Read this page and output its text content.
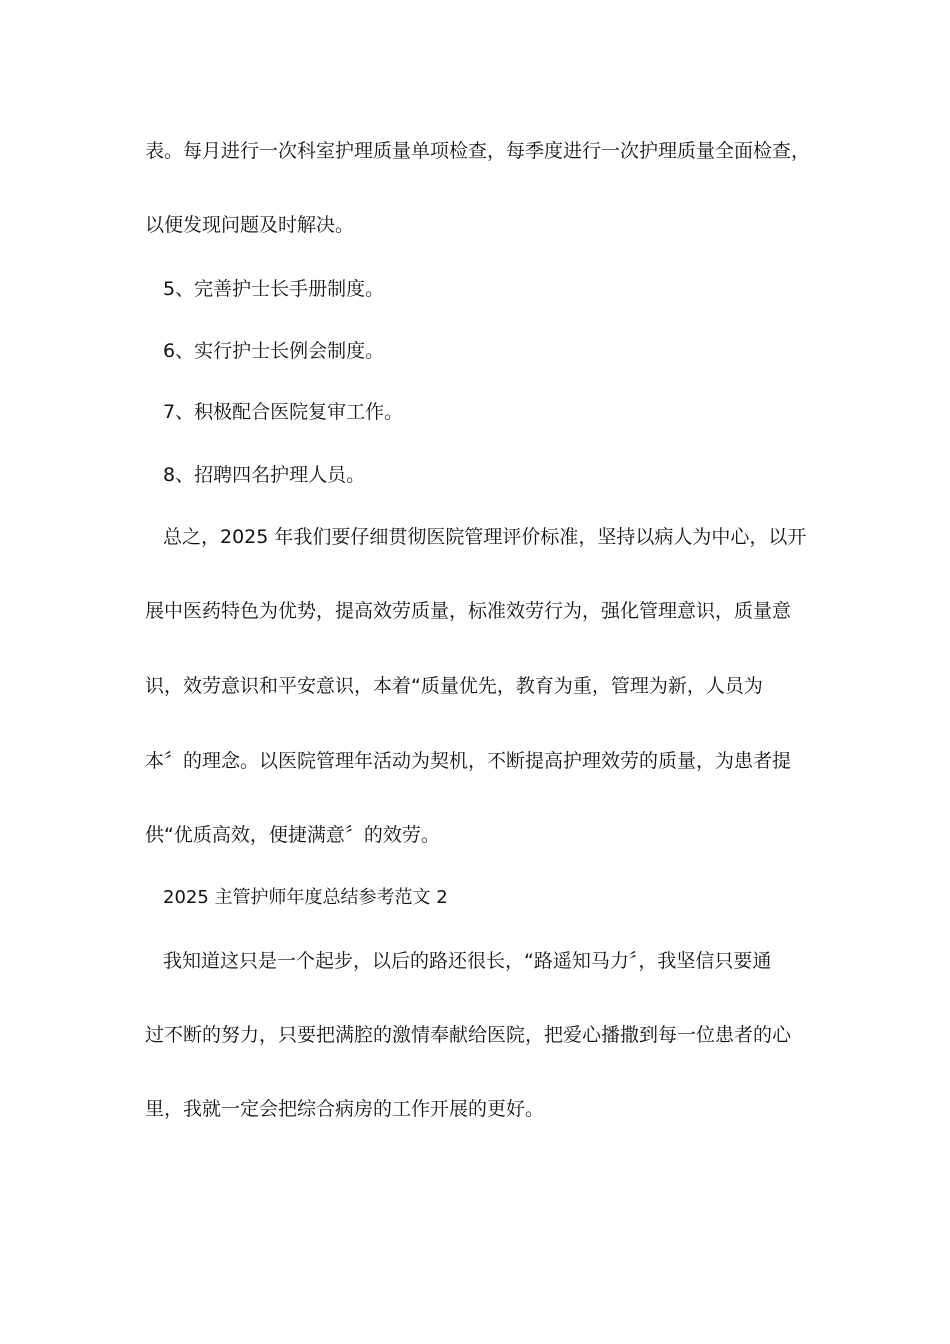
表。每月进行一次科室护理质量单项检查，每季度进行一次护理质量全面检查，
以便发现问题及时解决。
5、完善护士长手册制度。
6、实行护士长例会制度。
7、积极配合医院复审工作。
8、招聘四名护理人员。
总之，2025 年我们要仔细贯彻医院管理评价标准，坚持以病人为中心，以开
展中医药特色为优势，提高效劳质量，标准效劳行为，强化管理意识，质量意
识，效劳意识和平安意识，本着“质量优先，教育为重，管理为新，人员为
本〞的理念。以医院管理年活动为契机，不断提高护理效劳的质量，为患者提
供“优质高效，便捷满意〞的效劳。
2025 主管护师年度总结参考范文 2
我知道这只是一个起步，以后的路还很长，“路遥知马力〞，我坚信只要通
过不断的努力，只要把满腔的激情奉献给医院，把爱心播撒到每一位患者的心
里，我就一定会把综合病房的工作开展的更好。
